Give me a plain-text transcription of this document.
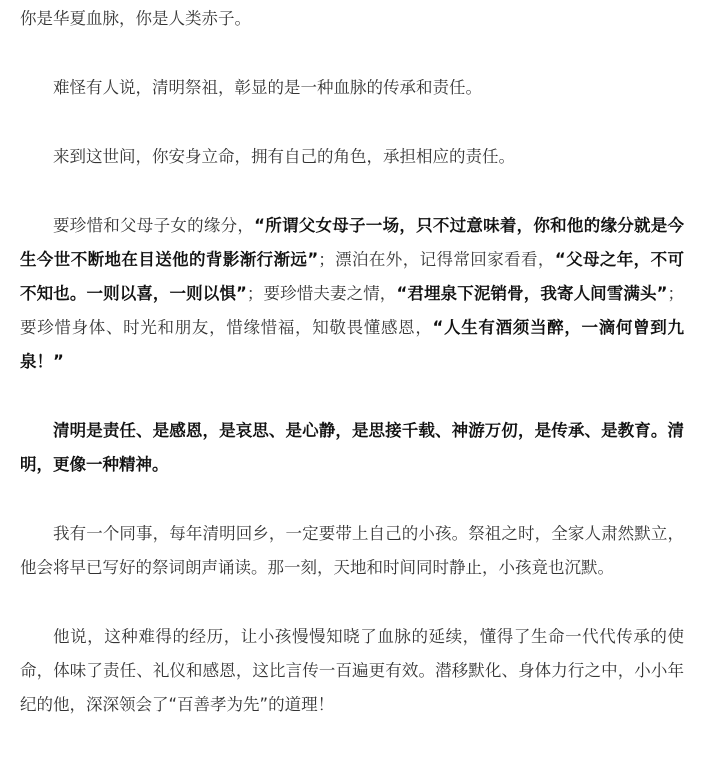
你是华夏血脉，你是人类赤子。

难怪有人说，清明祭祖，彰显的是一种血脉的传承和责任。

来到这世间，你安身立命，拥有自己的角色，承担相应的责任。

要珍惜和父母子女的缘分，“所谓父女母子一场，只不过意味着，你和他的缘分就是今生今世不断地在目送他的背影渐行渐远”；漂泊在外，记得常回家看看，“父母之年，不可不知也。一则以喜，一则以惧”；要珍惜夫妻之情，“君埋泉下泥销骨，我寄人间雪满头”；要珍惜身体、时光和朋友，惜缘惜福，知敬畏懂感恩，“人生有酒须当醉，一滴何曾到九泉！”

清明是责任、是感恩，是哀思、是心静，是思接千载、神游万仞，是传承、是教育。清明，更像一种精神。

我有一个同事，每年清明回乡，一定要带上自己的小孩。祭祖之时，全家人肃然默立，他会将早已写好的祭词朗声诵读。那一刻，天地和时间同时静止，小孩竟也沉默。

他说，这种难得的经历，让小孩慢慢知晓了血脉的延续，懂得了生命一代代传承的使命，体味了责任、礼仪和感恩，这比言传一百遍更有效。潜移默化、身体力行之中，小小年纪的他，深深领会了“百善孝为先”的道理！
